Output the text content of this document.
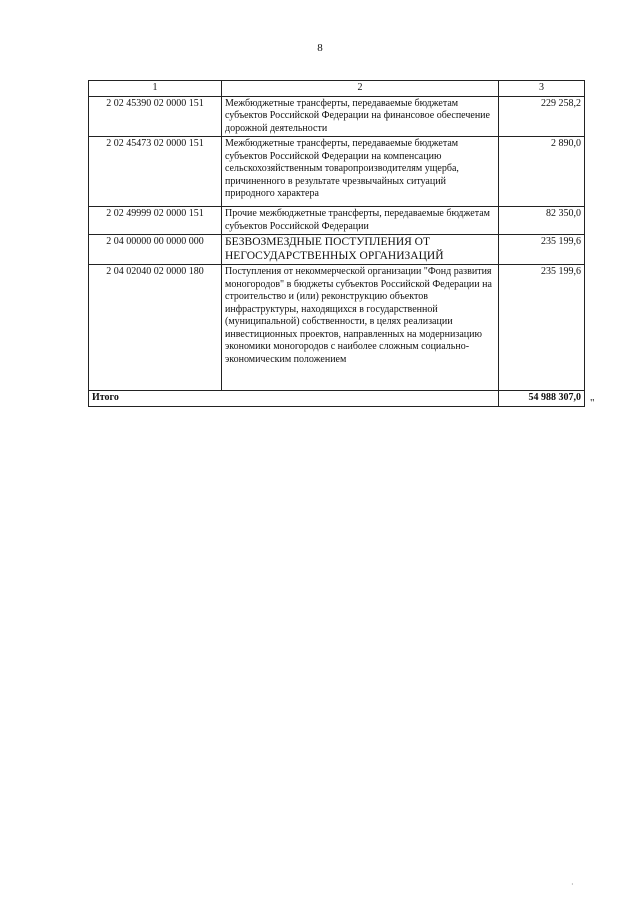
8
1	2	3
2 02 45390 02 0000 151	Межбюджетные трансферты, передаваемые бюджетам субъектов Российской Федерации на финансовое обеспечение дорожной деятельности	229 258,2
2 02 45473 02 0000 151	Межбюджетные трансферты, передаваемые бюджетам субъектов Российской Федерации на компенсацию сельскохозяйственным товаропроизводителям ущерба, причиненного в результате чрезвычайных ситуаций природного характера	2 890,0
2 02 49999 02 0000 151	Прочие межбюджетные трансферты, передаваемые бюджетам субъектов Российской Федерации	82 350,0
2 04 00000 00 0000 000	БЕЗВОЗМЕЗДНЫЕ ПОСТУПЛЕНИЯ ОТ НЕГОСУДАРСТВЕННЫХ ОРГАНИЗАЦИЙ	235 199,6
2 04 02040 02 0000 180	Поступления от некоммерческой организации "Фонд развития моногородов" в бюджеты субъектов Российской Федерации на строительство и (или) реконструкцию объектов инфраструктуры, находящихся в государственной (муниципальной) собственности, в целях реализации инвестиционных проектов, направленных на модернизацию экономики моногородов с наиболее сложным социально-экономическим положением	235 199,6
Итого		54 988 307,0 "
·
